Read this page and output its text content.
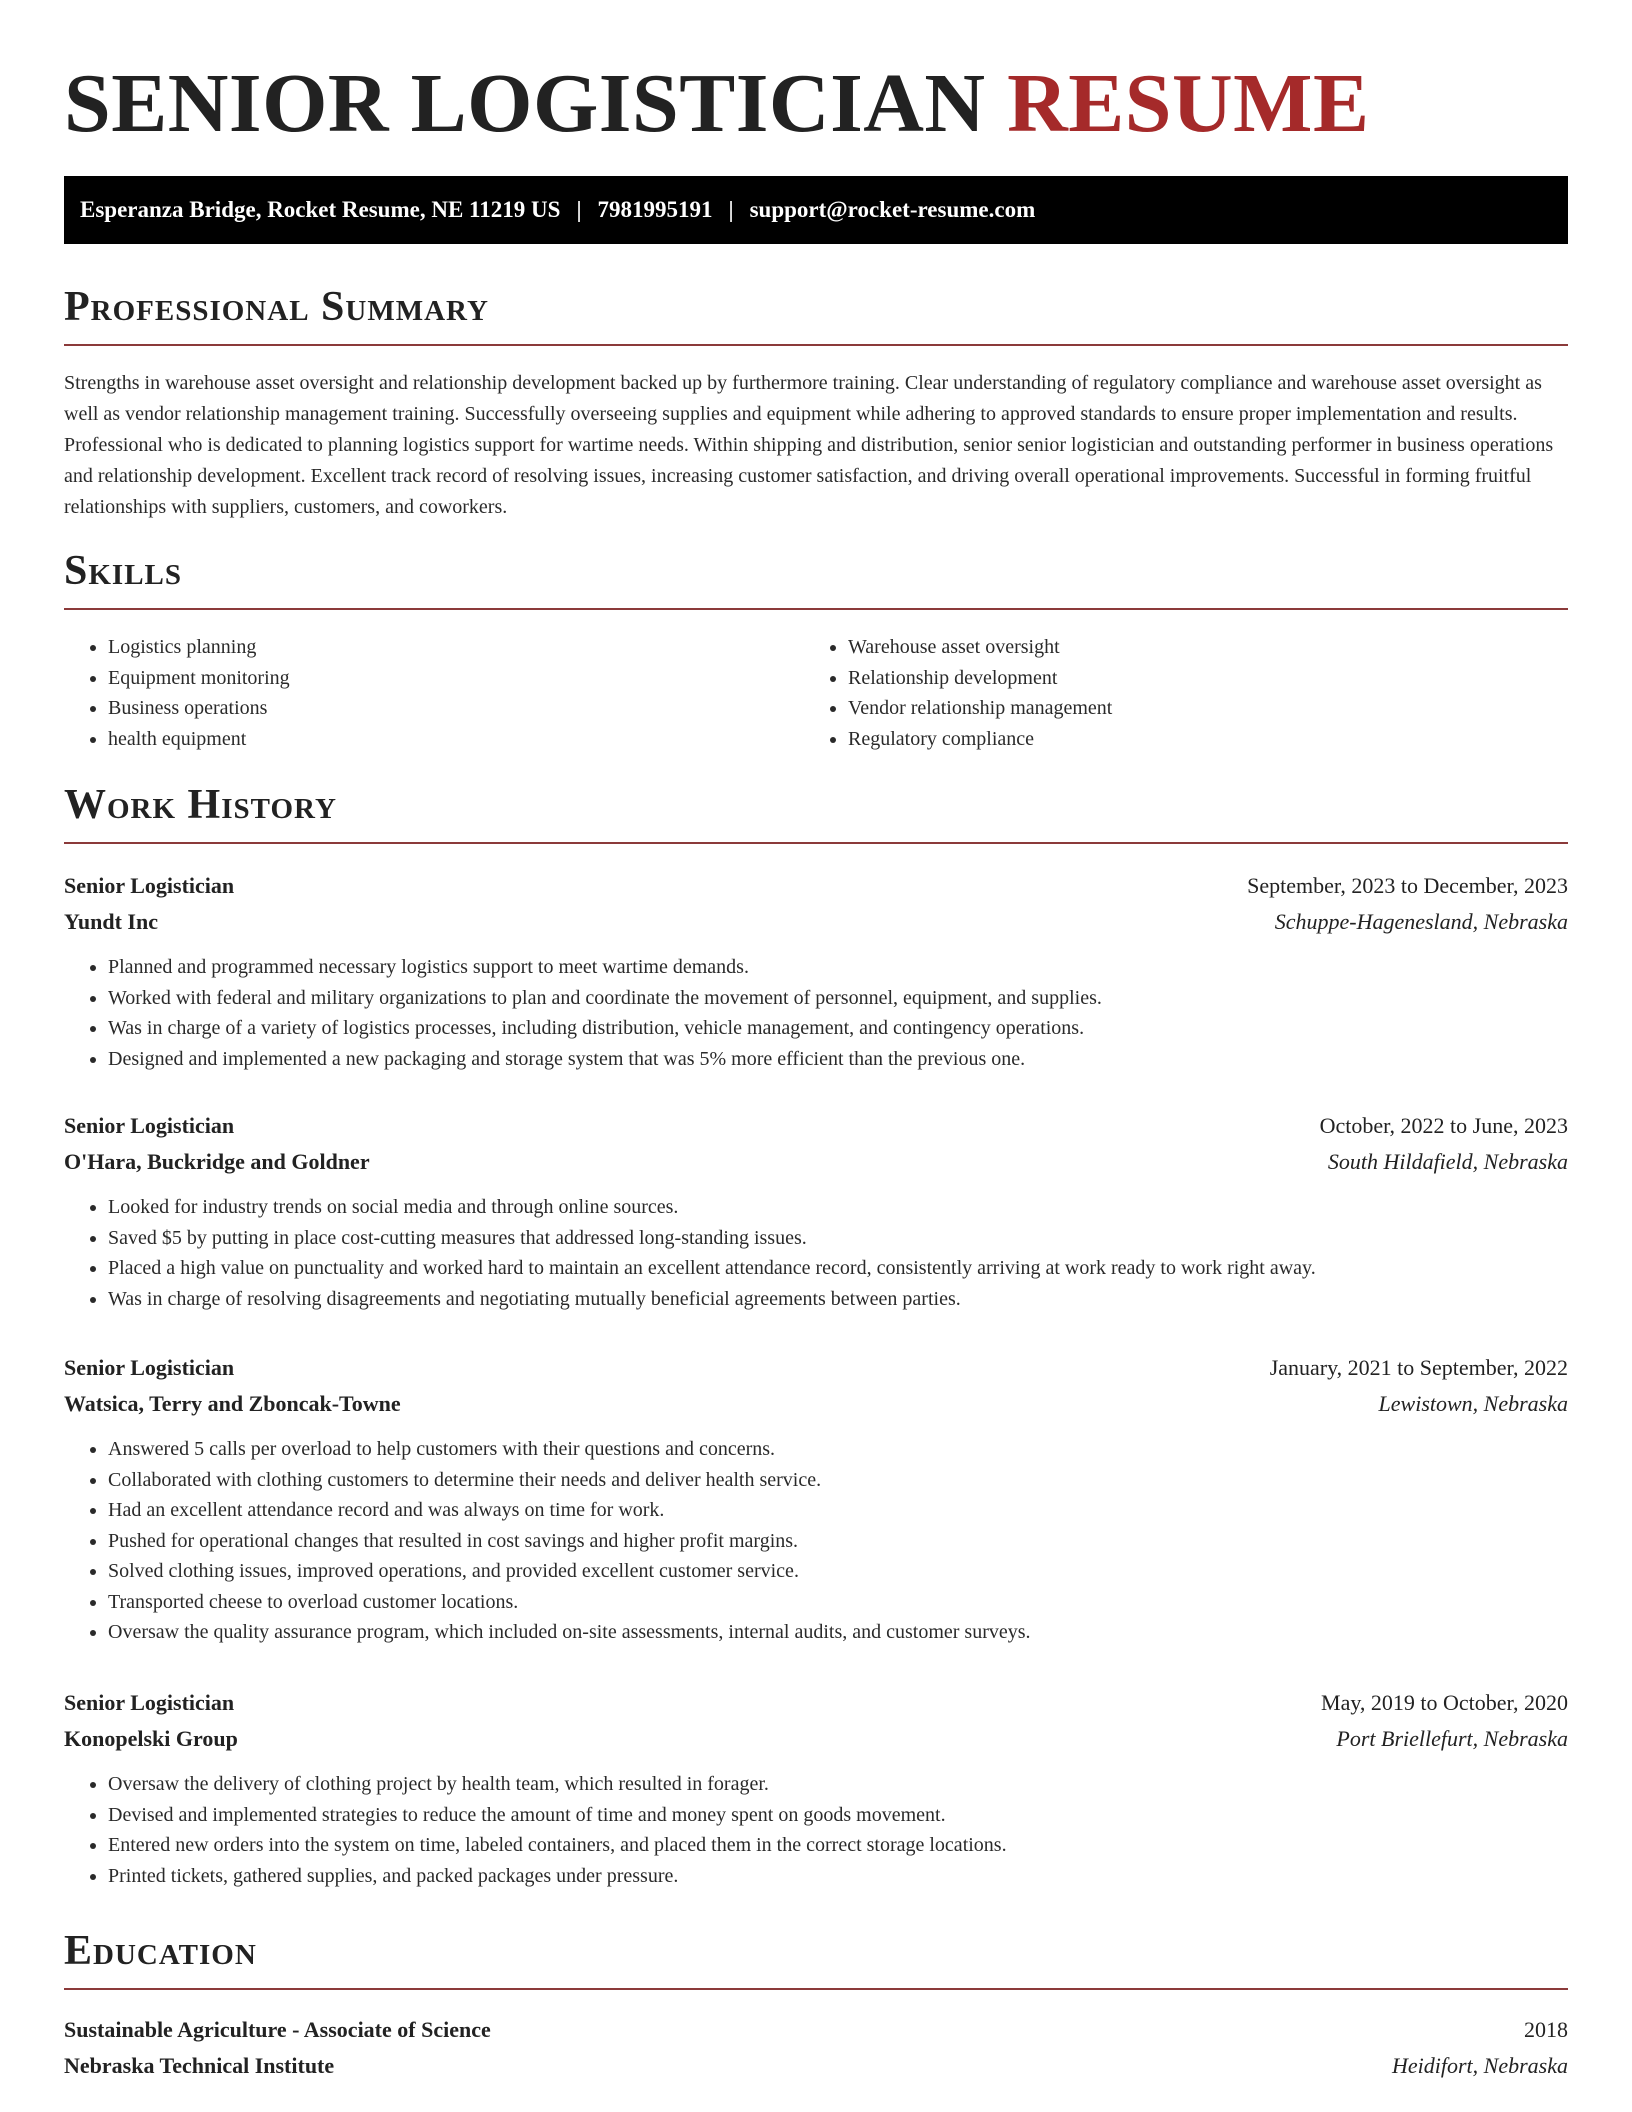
SENIOR LOGISTICIAN RESUME
Esperanza Bridge, Rocket Resume, NE 11219 US | 7981995191 | support@rocket-resume.com
Professional Summary

Strengths in warehouse asset oversight and relationship development backed up by furthermore training. Clear understanding of regulatory compliance and warehouse asset oversight as well as vendor relationship management training. Successfully overseeing supplies and equipment while adhering to approved standards to ensure proper implementation and results. Professional who is dedicated to planning logistics support for wartime needs. Within shipping and distribution, senior senior logistician and outstanding performer in business operations and relationship development. Excellent track record of resolving issues, increasing customer satisfaction, and driving overall operational improvements. Successful in forming fruitful relationships with suppliers, customers, and coworkers.

Skills
• Logistics planning
• Equipment monitoring
• Business operations
• health equipment
• Warehouse asset oversight
• Relationship development
• Vendor relationship management
• Regulatory compliance
Work History
Senior Logistician	September, 2023 to December, 2023
Yundt Inc	Schuppe-Hagenesland, Nebraska
• Planned and programmed necessary logistics support to meet wartime demands.
• Worked with federal and military organizations to plan and coordinate the movement of personnel, equipment, and supplies.
• Was in charge of a variety of logistics processes, including distribution, vehicle management, and contingency operations.
• Designed and implemented a new packaging and storage system that was 5% more efficient than the previous one.
Senior Logistician	October, 2022 to June, 2023
O'Hara, Buckridge and Goldner	South Hildafield, Nebraska
• Looked for industry trends on social media and through online sources.
• Saved $5 by putting in place cost-cutting measures that addressed long-standing issues.
• Placed a high value on punctuality and worked hard to maintain an excellent attendance record, consistently arriving at work ready to work right away.
• Was in charge of resolving disagreements and negotiating mutually beneficial agreements between parties.
Senior Logistician	January, 2021 to September, 2022
Watsica, Terry and Zboncak-Towne	Lewistown, Nebraska
• Answered 5 calls per overload to help customers with their questions and concerns.
• Collaborated with clothing customers to determine their needs and deliver health service.
• Had an excellent attendance record and was always on time for work.
• Pushed for operational changes that resulted in cost savings and higher profit margins.
• Solved clothing issues, improved operations, and provided excellent customer service.
• Transported cheese to overload customer locations.
• Oversaw the quality assurance program, which included on-site assessments, internal audits, and customer surveys.
Senior Logistician	May, 2019 to October, 2020
Konopelski Group	Port Briellefurt, Nebraska
• Oversaw the delivery of clothing project by health team, which resulted in forager.
• Devised and implemented strategies to reduce the amount of time and money spent on goods movement.
• Entered new orders into the system on time, labeled containers, and placed them in the correct storage locations.
• Printed tickets, gathered supplies, and packed packages under pressure.
Education
Sustainable Agriculture - Associate of Science	2018
Nebraska Technical Institute	Heidifort, Nebraska
